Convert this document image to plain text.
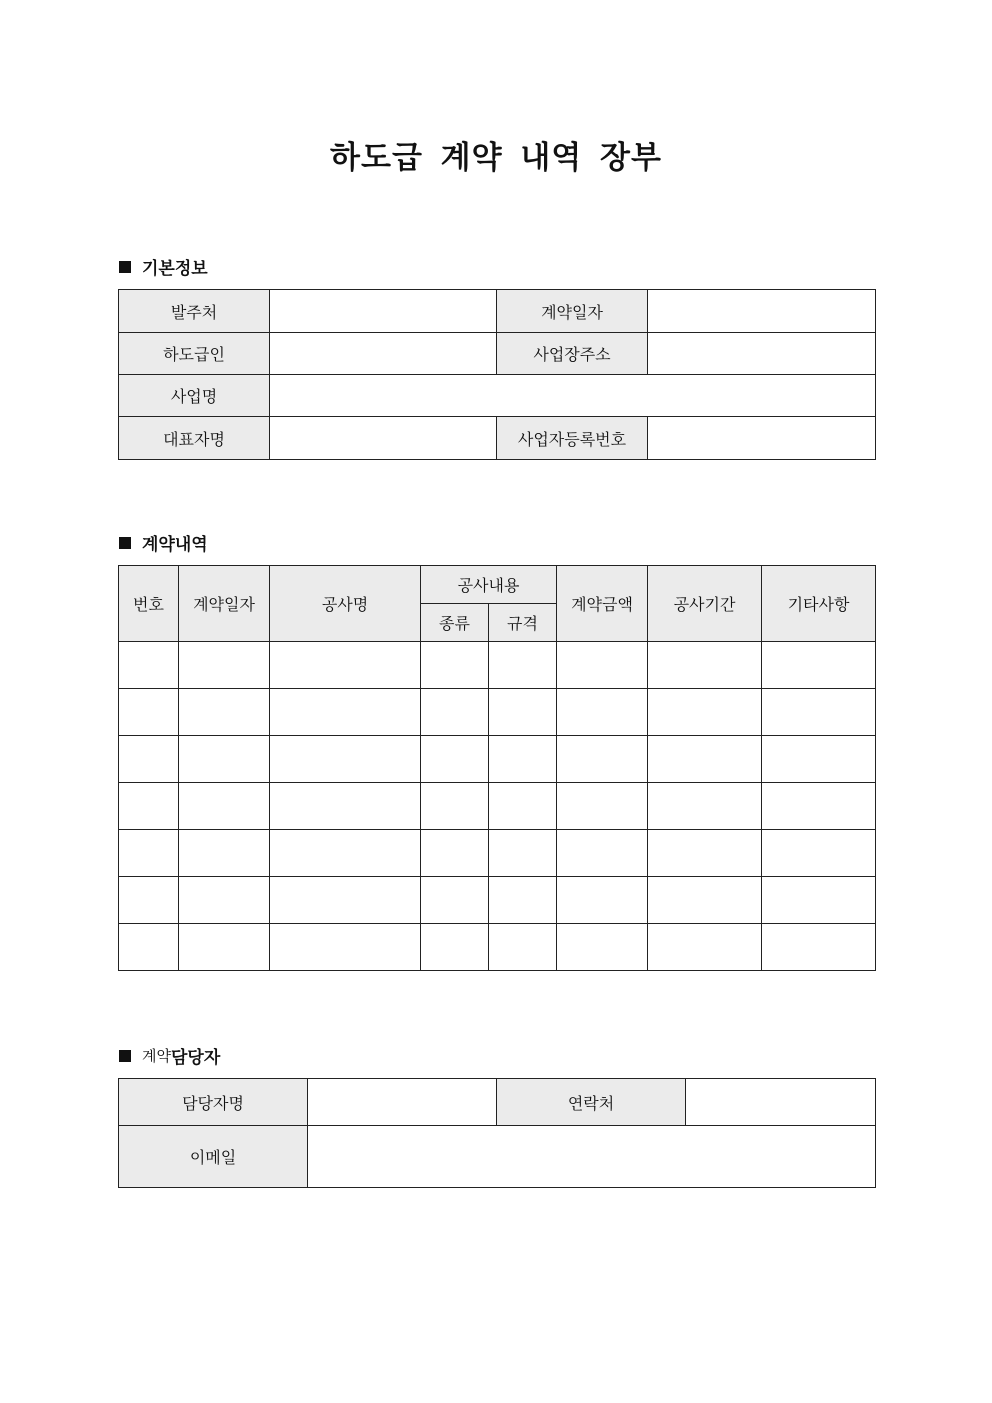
하도급 계약 내역 장부
기본정보
발주처		계약일자	
하도급인		사업장주소	
사업명			
대표자명		사업자등록번호	
계약내역
번호	계약일자	공사명	공사내용		계약금액	공사기간	기타사항
			종류	규격			

계약 담당자
담당자명		연락처	
이메일			
